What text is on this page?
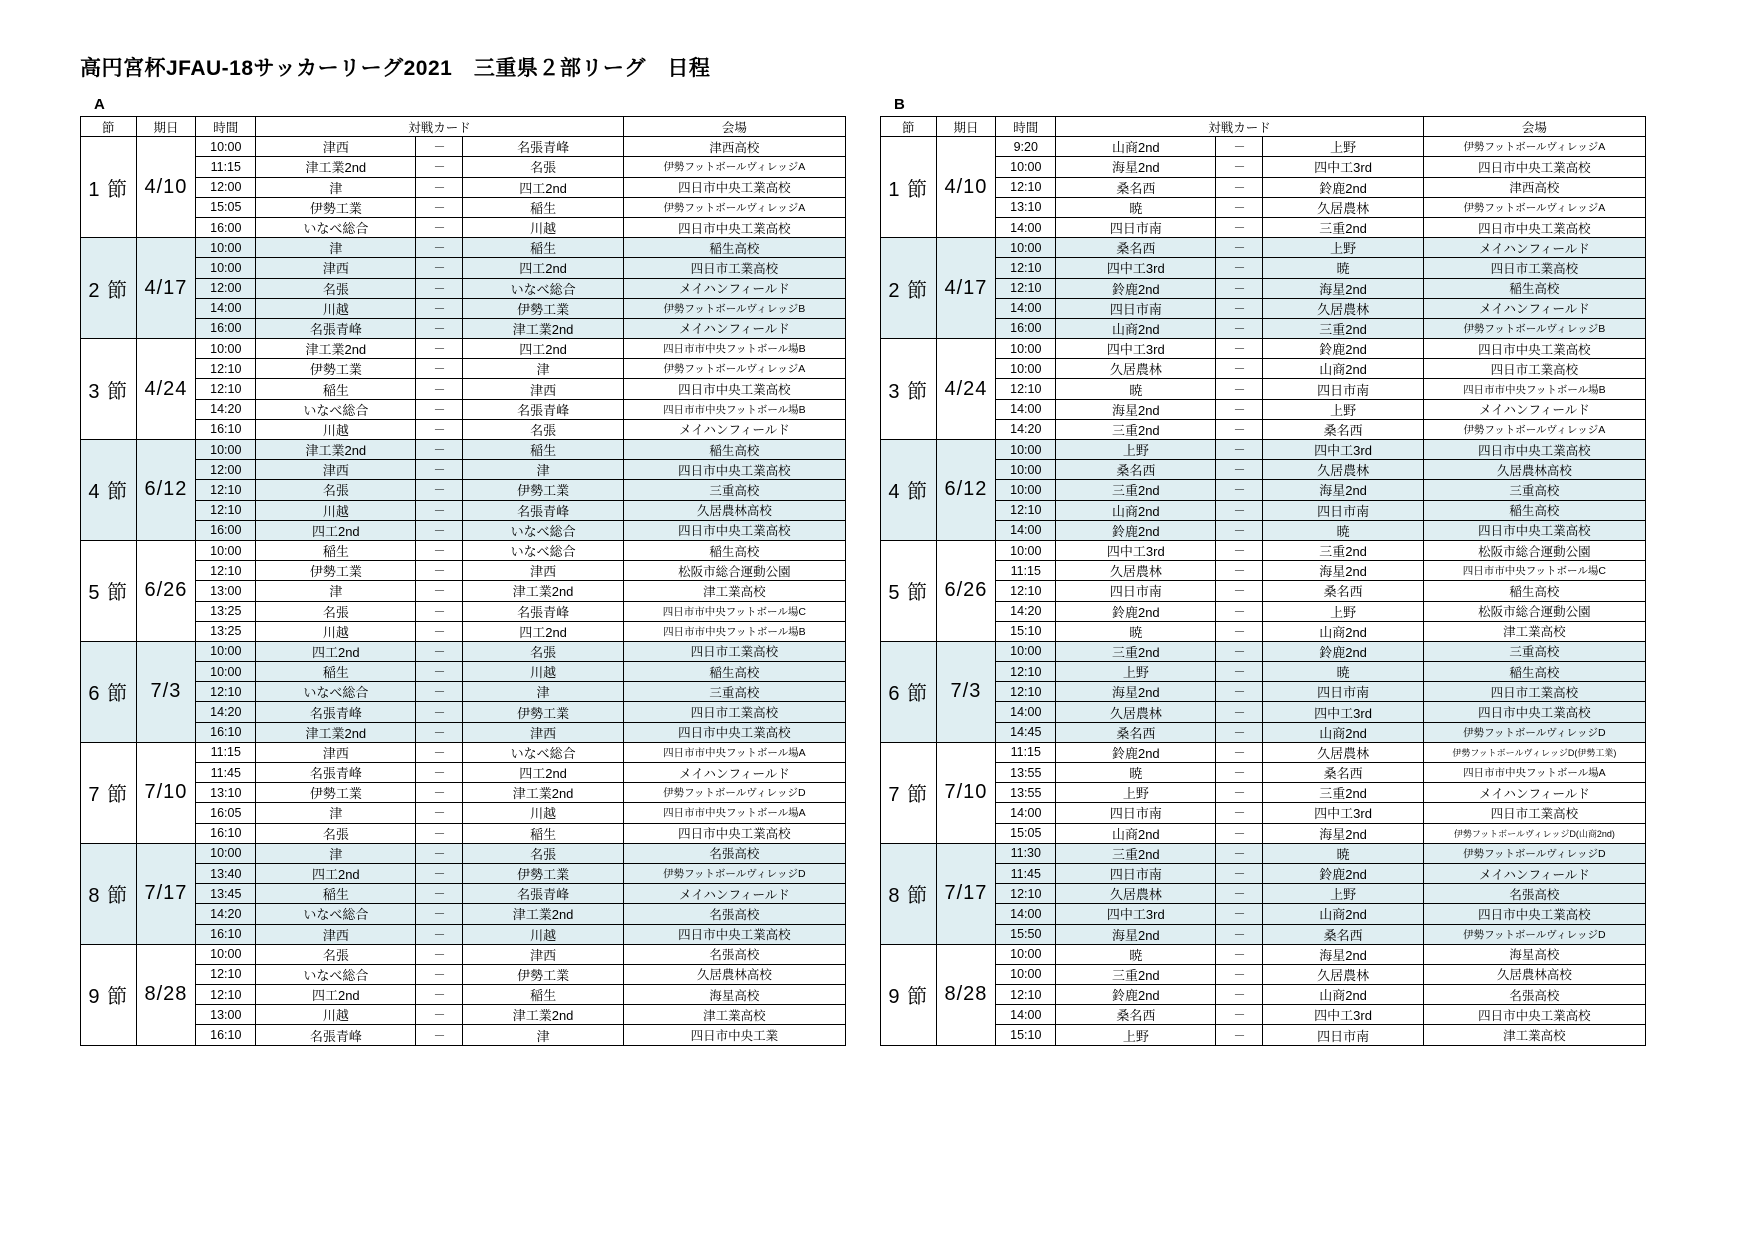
高円宮杯JFAU-18サッカーリーグ2021　三重県２部リーグ　日程
A
節	期日	時間	対戦カード			会場
1 節	4/10	10:00	津西	－	名張青峰	津西高校
		11:15	津工業2nd	－	名張	伊勢フットボールヴィレッジA
		12:00	津	－	四工2nd	四日市中央工業高校
		15:05	伊勢工業	－	稲生	伊勢フットボールヴィレッジA
		16:00	いなべ総合	－	川越	四日市中央工業高校
2 節	4/17	10:00	津	－	稲生	稲生高校
		10:00	津西	－	四工2nd	四日市工業高校
		12:00	名張	－	いなべ総合	メイハンフィールド
		14:00	川越	－	伊勢工業	伊勢フットボールヴィレッジB
		16:00	名張青峰	－	津工業2nd	メイハンフィールド
3 節	4/24	10:00	津工業2nd	－	四工2nd	四日市市中央フットボール場B
		12:10	伊勢工業	－	津	伊勢フットボールヴィレッジA
		12:10	稲生	－	津西	四日市中央工業高校
		14:20	いなべ総合	－	名張青峰	四日市市中央フットボール場B
		16:10	川越	－	名張	メイハンフィールド
4 節	6/12	10:00	津工業2nd	－	稲生	稲生高校
		12:00	津西	－	津	四日市中央工業高校
		12:10	名張	－	伊勢工業	三重高校
		12:10	川越	－	名張青峰	久居農林高校
		16:00	四工2nd	－	いなべ総合	四日市中央工業高校
5 節	6/26	10:00	稲生	－	いなべ総合	稲生高校
		12:10	伊勢工業	－	津西	松阪市総合運動公園
		13:00	津	－	津工業2nd	津工業高校
		13:25	名張	－	名張青峰	四日市市中央フットボール場C
		13:25	川越	－	四工2nd	四日市市中央フットボール場B
6 節	7/3	10:00	四工2nd	－	名張	四日市工業高校
		10:00	稲生	－	川越	稲生高校
		12:10	いなべ総合	－	津	三重高校
		14:20	名張青峰	－	伊勢工業	四日市工業高校
		16:10	津工業2nd	－	津西	四日市中央工業高校
7 節	7/10	11:15	津西	－	いなべ総合	四日市市中央フットボール場A
		11:45	名張青峰	－	四工2nd	メイハンフィールド
		13:10	伊勢工業	－	津工業2nd	伊勢フットボールヴィレッジD
		16:05	津	－	川越	四日市市中央フットボール場A
		16:10	名張	－	稲生	四日市中央工業高校
8 節	7/17	10:00	津	－	名張	名張高校
		13:40	四工2nd	－	伊勢工業	伊勢フットボールヴィレッジD
		13:45	稲生	－	名張青峰	メイハンフィールド
		14:20	いなべ総合	－	津工業2nd	名張高校
		16:10	津西	－	川越	四日市中央工業高校
9 節	8/28	10:00	名張	－	津西	名張高校
		12:10	いなべ総合	－	伊勢工業	久居農林高校
		12:10	四工2nd	－	稲生	海星高校
		13:00	川越	－	津工業2nd	津工業高校
		16:10	名張青峰	－	津	四日市中央工業
B
節	期日	時間	対戦カード			会場
1 節	4/10	9:20	山商2nd	－	上野	伊勢フットボールヴィレッジA
		10:00	海星2nd	－	四中工3rd	四日市中央工業高校
		12:10	桑名西	－	鈴鹿2nd	津西高校
		13:10	暁	－	久居農林	伊勢フットボールヴィレッジA
		14:00	四日市南	－	三重2nd	四日市中央工業高校
2 節	4/17	10:00	桑名西	－	上野	メイハンフィールド
		12:10	四中工3rd	－	暁	四日市工業高校
		12:10	鈴鹿2nd	－	海星2nd	稲生高校
		14:00	四日市南	－	久居農林	メイハンフィールド
		16:00	山商2nd	－	三重2nd	伊勢フットボールヴィレッジB
3 節	4/24	10:00	四中工3rd	－	鈴鹿2nd	四日市中央工業高校
		10:00	久居農林	－	山商2nd	四日市工業高校
		12:10	暁	－	四日市南	四日市市中央フットボール場B
		14:00	海星2nd	－	上野	メイハンフィールド
		14:20	三重2nd	－	桑名西	伊勢フットボールヴィレッジA
4 節	6/12	10:00	上野	－	四中工3rd	四日市中央工業高校
		10:00	桑名西	－	久居農林	久居農林高校
		10:00	三重2nd	－	海星2nd	三重高校
		12:10	山商2nd	－	四日市南	稲生高校
		14:00	鈴鹿2nd	－	暁	四日市中央工業高校
5 節	6/26	10:00	四中工3rd	－	三重2nd	松阪市総合運動公園
		11:15	久居農林	－	海星2nd	四日市市中央フットボール場C
		12:10	四日市南	－	桑名西	稲生高校
		14:20	鈴鹿2nd	－	上野	松阪市総合運動公園
		15:10	暁	－	山商2nd	津工業高校
6 節	7/3	10:00	三重2nd	－	鈴鹿2nd	三重高校
		12:10	上野	－	暁	稲生高校
		12:10	海星2nd	－	四日市南	四日市工業高校
		14:00	久居農林	－	四中工3rd	四日市中央工業高校
		14:45	桑名西	－	山商2nd	伊勢フットボールヴィレッジD
7 節	7/10	11:15	鈴鹿2nd	－	久居農林	伊勢フットボールヴィレッジD(伊勢工業)
		13:55	暁	－	桑名西	四日市市中央フットボール場A
		13:55	上野	－	三重2nd	メイハンフィールド
		14:00	四日市南	－	四中工3rd	四日市工業高校
		15:05	山商2nd	－	海星2nd	伊勢フットボールヴィレッジD(山商2nd)
8 節	7/17	11:30	三重2nd	－	暁	伊勢フットボールヴィレッジD
		11:45	四日市南	－	鈴鹿2nd	メイハンフィールド
		12:10	久居農林	－	上野	名張高校
		14:00	四中工3rd	－	山商2nd	四日市中央工業高校
		15:50	海星2nd	－	桑名西	伊勢フットボールヴィレッジD
9 節	8/28	10:00	暁	－	海星2nd	海星高校
		10:00	三重2nd	－	久居農林	久居農林高校
		12:10	鈴鹿2nd	－	山商2nd	名張高校
		14:00	桑名西	－	四中工3rd	四日市中央工業高校
		15:10	上野	－	四日市南	津工業高校
